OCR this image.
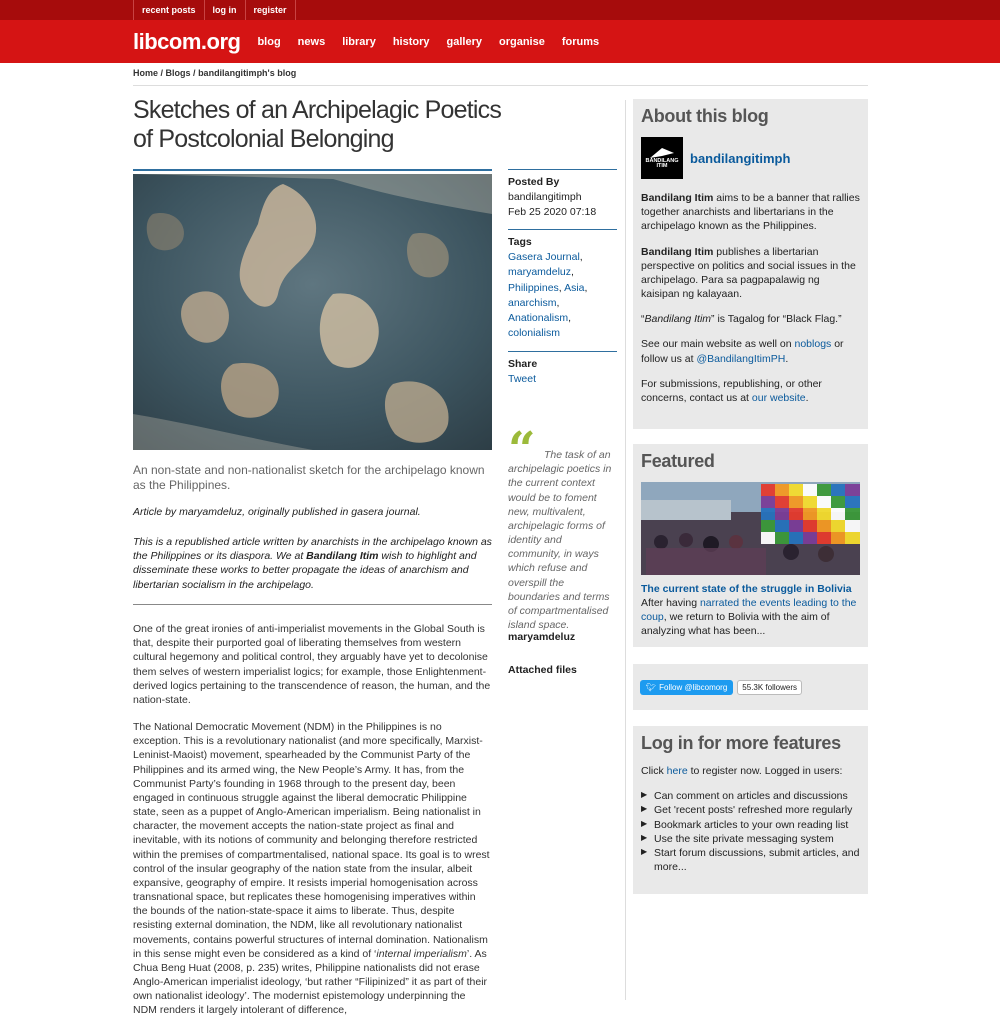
recent posts	log in	register
libcom.org blog news library history gallery organise forums
Home / Blogs / bandilangitimph's blog
Sketches of an Archipelagic Poetics of Postcolonial Belonging

An non-state and non-nationalist sketch for the archipelago known as the Philippines.

Article by maryamdeluz, originally published in gasera journal.

This is a republished article written by anarchists in the archipelago known as the Philippines or its diaspora. We at Bandilang Itim wish to highlight and disseminate these works to better propagate the ideas of anarchism and libertarian socialism in the archipelago.

One of the great ironies of anti-imperialist movements in the Global South is that, despite their purported goal of liberating themselves from western cultural hegemony and political control, they arguably have yet to decolonise them selves of western imperialist logics; for example, those Enlightenment-derived logics pertaining to the transcendence of reason, the human, and the nation-state.

The National Democratic Movement (NDM) in the Philippines is no exception. This is a revolutionary nationalist (and more specifically, Marxist-Leninist-Maoist) movement, spearheaded by the Communist Party of the Philippines and its armed wing, the New People’s Army. It has, from the Communist Party’s founding in 1968 through to the present day, been engaged in continuous struggle against the liberal democratic Philippine state, seen as a puppet of Anglo-American imperialism. Being nationalist in character, the movement accepts the nation-state project as final and inevitable, with its notions of community and belonging therefore restricted within the premises of compartmentalised, national space. Its goal is to wrest control of the insular geography of the nation state from the insular, albeit expansive, geography of empire. It resists imperial homogenisation across transnational space, but replicates these homogenising imperatives within the bounds of the nation-state-space it aims to liberate. Thus, despite resisting external domination, the NDM, like all revolutionary nationalist movements, contains powerful structures of internal domination. Nationalism in this sense might even be considered as a kind of ‘internal imperialism’. As Chua Beng Huat (2008, p. 235) writes, Philippine nationalists did not erase Anglo-American imperialist ideology, ‘but rather “Filipinized” it as part of their own nationalist ideology’. The modernist epistemology underpinning the NDM renders it largely intolerant of difference,

Posted By
bandilangitimph
Feb 25 2020 07:18
Tags
Gasera Journal,
maryamdeluz,
Philippines, Asia,
anarchism,
Anationalism,
colonialism
Share
Tweet
“ The task of an archipelagic poetics in the current context would be to foment new, multivalent, archipelagic forms of identity and community, in ways which refuse and overspill the boundaries and terms of compartmentalised island space.

maryamdeluz
Attached files
About this blog
BANDILANG
ITIM
bandilangitimph

Bandilang Itim aims to be a banner that rallies together anarchists and libertarians in the archipelago known as the Philippines.

Bandilang Itim publishes a libertarian perspective on politics and social issues in the archipelago. Para sa pagpapalawig ng kaisipan ng kalayaan.

“Bandilang Itim” is Tagalog for “Black Flag.”

See our main website as well on noblogs or follow us at @BandilangItimPH.

For submissions, republishing, or other concerns, contact us at our website.

Featured
The current state of the struggle in Bolivia

After having narrated the events leading to the coup, we return to Bolivia with the aim of analyzing what has been...

🐦︎ Follow @libcomorg	55.3K followers
Log in for more features

Click here to register now. Logged in users:

▶ Can comment on articles and discussions
▶ Get 'recent posts' refreshed more regularly
▶ Bookmark articles to your own reading list
▶ Use the site private messaging system
▶ Start forum discussions, submit articles, and more...
